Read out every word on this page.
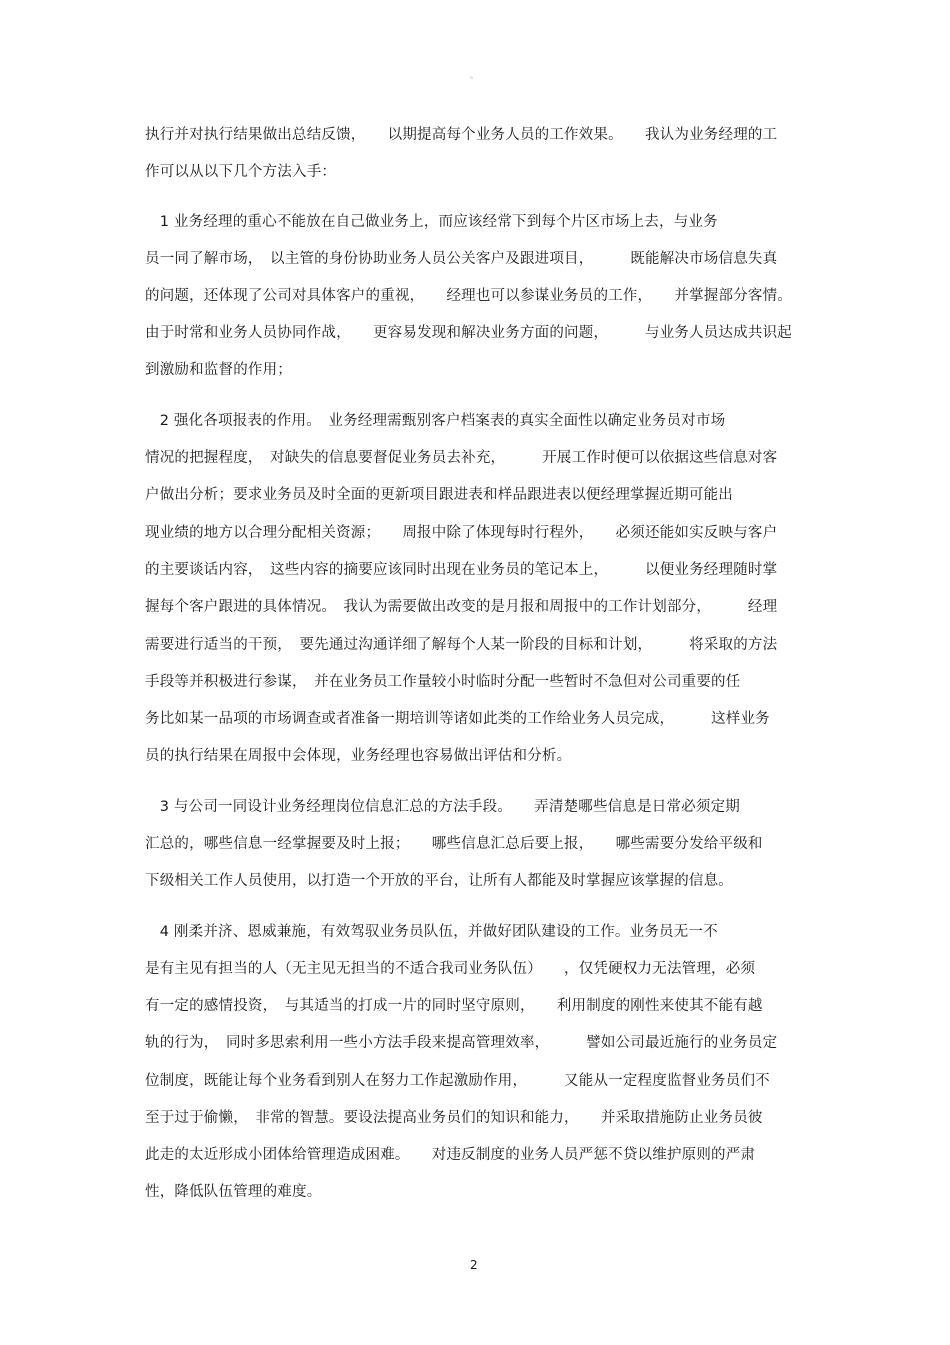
。
执行并对执行结果做出总结反馈，　　以期提高每个业务人员的工作效果。　　我认为业务经理的工
作可以从以下几个方法入手：
　1 业务经理的重心不能放在自己做业务上，而应该经常下到每个片区市场上去，与业务
员一同了解市场，　以主管的身份协助业务人员公关客户及跟进项目，　　　既能解决市场信息失真
的问题，还体现了公司对具体客户的重视，　　经理也可以参谋业务员的工作，　　并掌握部分客情。
由于时常和业务人员协同作战，　　更容易发现和解决业务方面的问题，　　　与业务人员达成共识起
到激励和监督的作用；
　2 强化各项报表的作用。　业务经理需甄别客户档案表的真实全面性以确定业务员对市场
情况的把握程度，　对缺失的信息要督促业务员去补充，　　　开展工作时便可以依据这些信息对客
户做出分析；要求业务员及时全面的更新项目跟进表和样品跟进表以便经理掌握近期可能出
现业绩的地方以合理分配相关资源；　　周报中除了体现每时行程外，　　必须还能如实反映与客户
的主要谈话内容，　这些内容的摘要应该同时出现在业务员的笔记本上，　　　以便业务经理随时掌
握每个客户跟进的具体情况。　我认为需要做出改变的是月报和周报中的工作计划部分，　　　经理
需要进行适当的干预，　要先通过沟通详细了解每个人某一阶段的目标和计划，　　　将采取的方法
手段等并积极进行参谋，　并在业务员工作量较小时临时分配一些暂时不急但对公司重要的任
务比如某一品项的市场调查或者准备一期培训等诸如此类的工作给业务人员完成，　　　这样业务
员的执行结果在周报中会体现，业务经理也容易做出评估和分析。
　3 与公司一同设计业务经理岗位信息汇总的方法手段。　　弄清楚哪些信息是日常必须定期
汇总的，哪些信息一经掌握要及时上报；　　哪些信息汇总后要上报，　　哪些需要分发给平级和
下级相关工作人员使用，以打造一个开放的平台，让所有人都能及时掌握应该掌握的信息。
　4 刚柔并济、恩威兼施，有效驾驭业务员队伍，并做好团队建设的工作。业务员无一不
是有主见有担当的人（无主见无担当的不适合我司业务队伍）　　，仅凭硬权力无法管理，必须
有一定的感情投资，　与其适当的打成一片的同时坚守原则，　　利用制度的刚性来使其不能有越
轨的行为，　同时多思索利用一些小方法手段来提高管理效率，　　　譬如公司最近施行的业务员定
位制度，既能让每个业务看到别人在努力工作起激励作用，　　　又能从一定程度监督业务员们不
至于过于偷懒，　非常的智慧。要设法提高业务员们的知识和能力，　　并采取措施防止业务员彼
此走的太近形成小团体给管理造成困难。　　对违反制度的业务人员严惩不贷以维护原则的严肃
性，降低队伍管理的难度。
2
